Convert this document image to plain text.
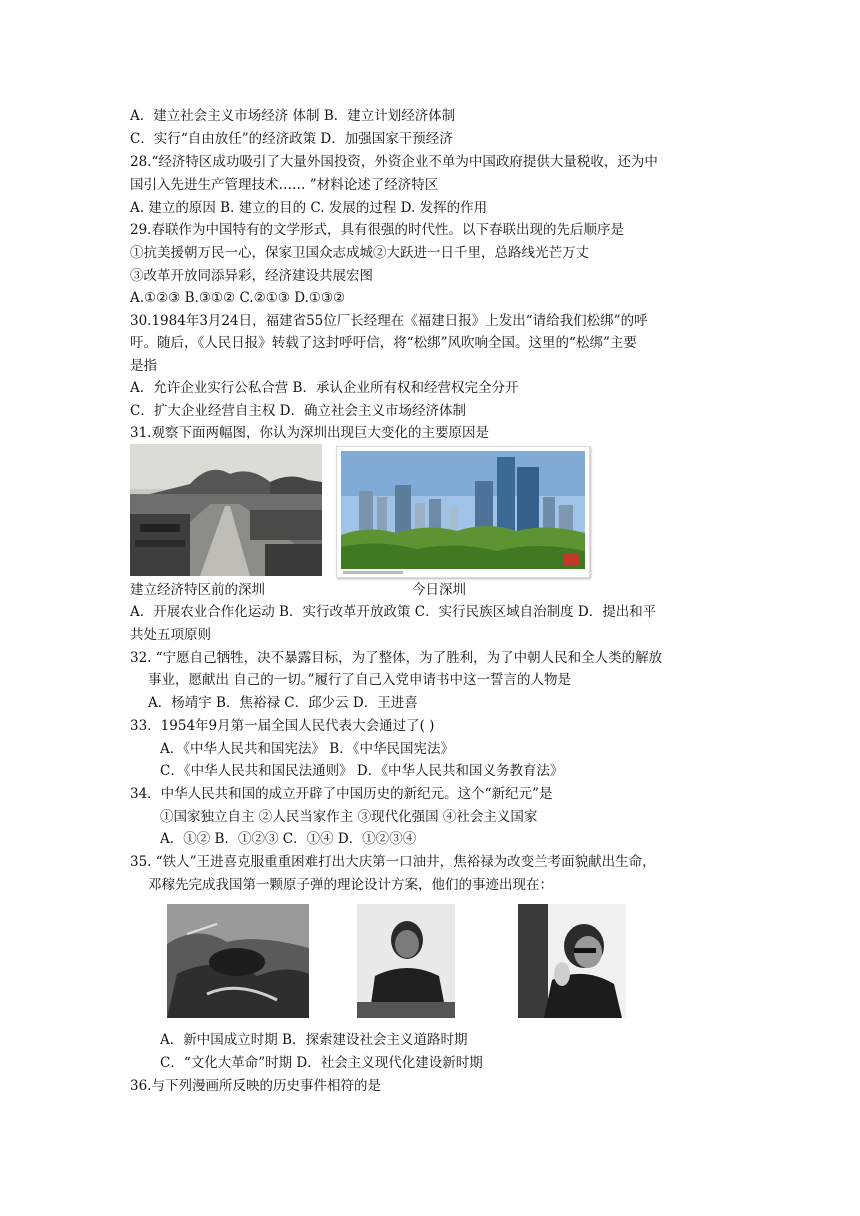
A．建立社会主义市场经济 体制 B．建立计划经济体制
C．实行“自由放任”的经济政策 D．加强国家干预经济
28.“经济特区成功吸引了大量外国投资，外资企业不单为中国政府提供大量税收，还为中
国引入先进生产管理技术…… ”材料论述了经济特区
A. 建立的原因 B. 建立的目的 C. 发展的过程 D. 发挥的作用
29.春联作为中国特有的文学形式，具有很强的时代性。以下春联出现的先后顺序是
①抗美援朝万民一心，保家卫国众志成城②大跃进一日千里，总路线光芒万丈
③改革开放同添异彩，经济建设共展宏图
A.①②③ B.③①② C.②①③ D.①③②
30.1984年3月24日，福建省55位厂长经理在《福建日报》上发出“请给我们松绑”的呼
吁。随后，《人民日报》转载了这封呼吁信，将“松绑”风吹响全国。这里的“松绑”主要
是指
A．允许企业实行公私合营 B．承认企业所有权和经营权完全分开
C．扩大企业经营自主权 D．确立社会主义市场经济体制
31.观察下面两幅图，你认为深圳出现巨大变化的主要原因是
建立经济特区前的深圳	今日深圳
A．开展农业合作化运动 B．实行改革开放政策 C．实行民族区域自治制度 D．提出和平
共处五项原则
32. “宁愿自己牺牲，决不暴露目标，为了整体，为了胜利，为了中朝人民和全人类的解放
事业，愿献出 自己的一切。”履行了自己入党申请书中这一誓言的人物是
A．杨靖宇 B．焦裕禄 C．邱少云 D．王进喜
33．1954年9月第一届全国人民代表大会通过了( )
A．《中华人民共和国宪法》 B．《中华民国宪法》
C．《中华人民共和国民法通则》 D．《中华人民共和国义务教育法》
34．中华人民共和国的成立开辟了中国历史的新纪元。这个“新纪元”是
①国家独立自主 ②人民当家作主 ③现代化强国 ④社会主义国家
A．①② B．①②③ C．①④ D．①②③④
35. “铁人”王进喜克服重重困难打出大庆第一口油井，焦裕禄为改变兰考面貌献出生命，
邓稼先完成我国第一颗原子弹的理论设计方案，他们的事迹出现在：
A．新中国成立时期 B．探索建设社会主义道路时期
C．“文化大革命”时期 D．社会主义现代化建设新时期
36.与下列漫画所反映的历史事件相符的是
